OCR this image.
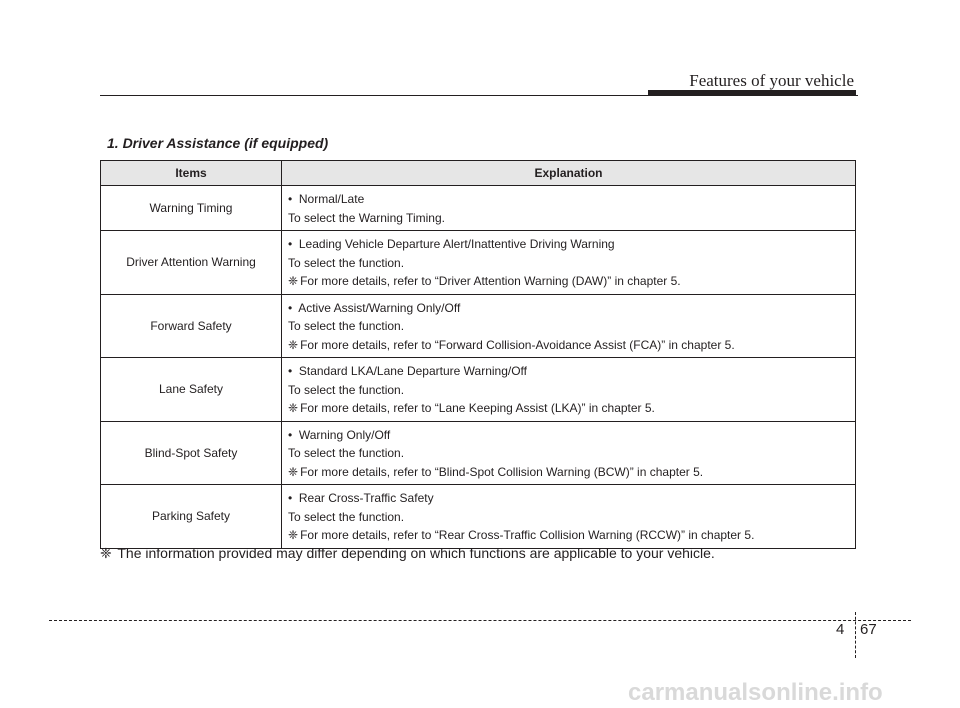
Features of your vehicle
1. Driver Assistance (if equipped)
Items	Explanation
Warning Timing	• Normal/Late
To select the Warning Timing.

Driver Attention Warning	• Leading Vehicle Departure Alert/Inattentive Driving Warning
To select the function.
❈ For more details, refer to “Driver Attention Warning (DAW)” in chapter 5.

Forward Safety	• Active Assist/Warning Only/Off
To select the function.
❈ For more details, refer to “Forward Collision-Avoidance Assist (FCA)” in chapter 5.

Lane Safety	• Standard LKA/Lane Departure Warning/Off
To select the function.
❈ For more details, refer to “Lane Keeping Assist (LKA)” in chapter 5.

Blind-Spot Safety	• Warning Only/Off
To select the function.
❈ For more details, refer to “Blind-Spot Collision Warning (BCW)” in chapter 5.

Parking Safety	• Rear Cross-Traffic Safety
To select the function.
❈ For more details, refer to “Rear Cross-Traffic Collision Warning (RCCW)” in chapter 5.
❈ The information provided may differ depending on which functions are applicable to your vehicle.
4 67
carmanualsonline.info
